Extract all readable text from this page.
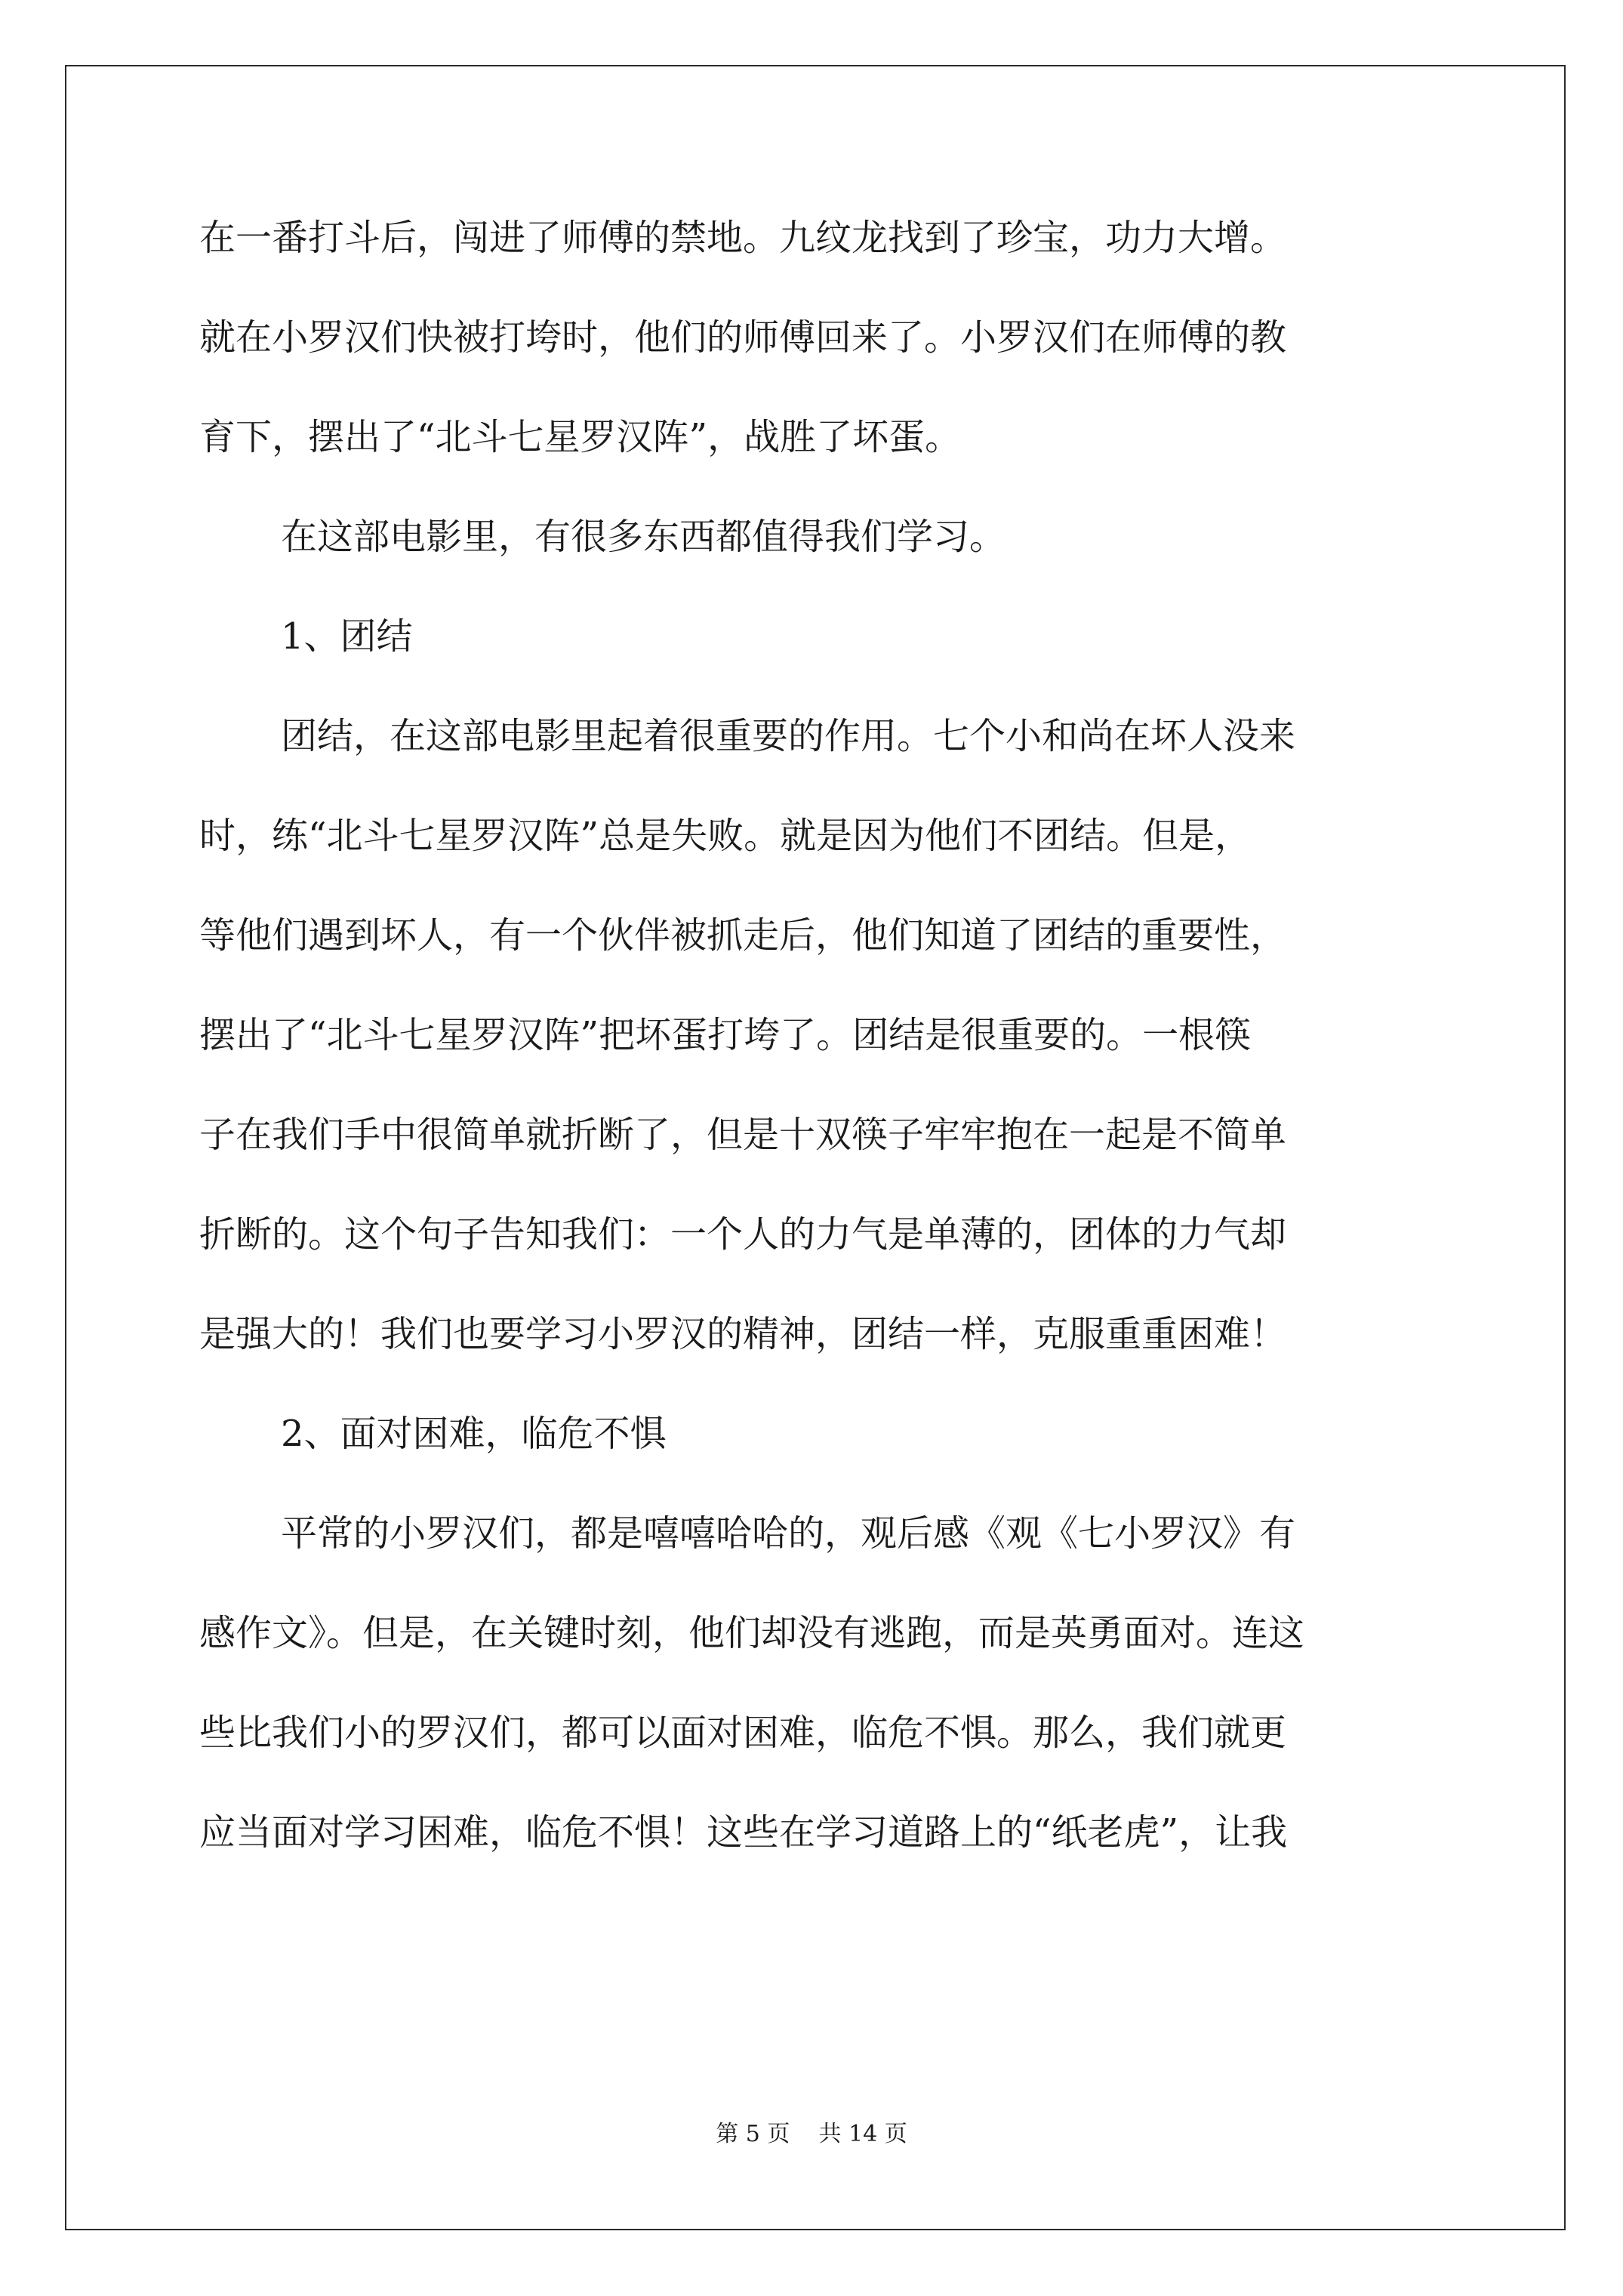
在一番打斗后，闯进了师傅的禁地。九纹龙找到了珍宝，功力大增。
就在小罗汉们快被打垮时，他们的师傅回来了。小罗汉们在师傅的教
育下，摆出了“北斗七星罗汉阵”，战胜了坏蛋。
在这部电影里，有很多东西都值得我们学习。
1、团结
团结，在这部电影里起着很重要的作用。七个小和尚在坏人没来
时，练“北斗七星罗汉阵”总是失败。就是因为他们不团结。但是，
等他们遇到坏人，有一个伙伴被抓走后，他们知道了团结的重要性，
摆出了“北斗七星罗汉阵”把坏蛋打垮了。团结是很重要的。一根筷
子在我们手中很简单就折断了，但是十双筷子牢牢抱在一起是不简单
折断的。这个句子告知我们：一个人的力气是单薄的，团体的力气却
是强大的！我们也要学习小罗汉的精神，团结一样，克服重重困难！
2、面对困难，临危不惧
平常的小罗汉们，都是嘻嘻哈哈的，观后感《观《七小罗汉》有
感作文》。但是，在关键时刻，他们却没有逃跑，而是英勇面对。连这
些比我们小的罗汉们，都可以面对困难，临危不惧。那么，我们就更
应当面对学习困难，临危不惧！这些在学习道路上的“纸老虎”，让我
第 5 页 共 14 页
